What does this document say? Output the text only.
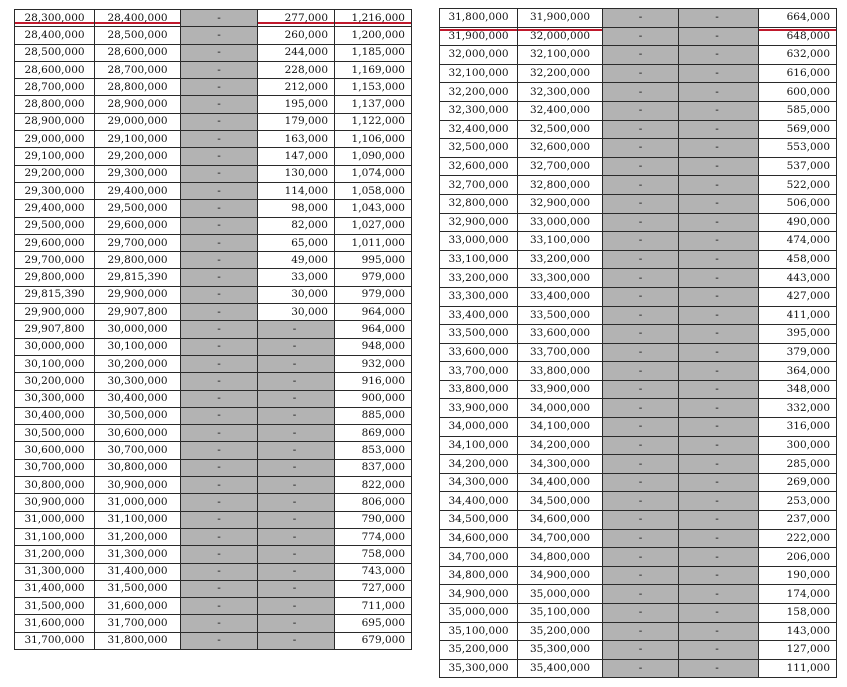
28,300,000	28,400,000	-	277,000	1,216,000
28,400,000	28,500,000	-	260,000	1,200,000
28,500,000	28,600,000	-	244,000	1,185,000
28,600,000	28,700,000	-	228,000	1,169,000
28,700,000	28,800,000	-	212,000	1,153,000
28,800,000	28,900,000	-	195,000	1,137,000
28,900,000	29,000,000	-	179,000	1,122,000
29,000,000	29,100,000	-	163,000	1,106,000
29,100,000	29,200,000	-	147,000	1,090,000
29,200,000	29,300,000	-	130,000	1,074,000
29,300,000	29,400,000	-	114,000	1,058,000
29,400,000	29,500,000	-	98,000	1,043,000
29,500,000	29,600,000	-	82,000	1,027,000
29,600,000	29,700,000	-	65,000	1,011,000
29,700,000	29,800,000	-	49,000	995,000
29,800,000	29,815,390	-	33,000	979,000
29,815,390	29,900,000	-	30,000	979,000
29,900,000	29,907,800	-	30,000	964,000
29,907,800	30,000,000	-	-	964,000
30,000,000	30,100,000	-	-	948,000
30,100,000	30,200,000	-	-	932,000
30,200,000	30,300,000	-	-	916,000
30,300,000	30,400,000	-	-	900,000
30,400,000	30,500,000	-	-	885,000
30,500,000	30,600,000	-	-	869,000
30,600,000	30,700,000	-	-	853,000
30,700,000	30,800,000	-	-	837,000
30,800,000	30,900,000	-	-	822,000
30,900,000	31,000,000	-	-	806,000
31,000,000	31,100,000	-	-	790,000
31,100,000	31,200,000	-	-	774,000
31,200,000	31,300,000	-	-	758,000
31,300,000	31,400,000	-	-	743,000
31,400,000	31,500,000	-	-	727,000
31,500,000	31,600,000	-	-	711,000
31,600,000	31,700,000	-	-	695,000
31,700,000	31,800,000	-	-	679,000
31,800,000	31,900,000	-	-	664,000
31,900,000	32,000,000	-	-	648,000
32,000,000	32,100,000	-	-	632,000
32,100,000	32,200,000	-	-	616,000
32,200,000	32,300,000	-	-	600,000
32,300,000	32,400,000	-	-	585,000
32,400,000	32,500,000	-	-	569,000
32,500,000	32,600,000	-	-	553,000
32,600,000	32,700,000	-	-	537,000
32,700,000	32,800,000	-	-	522,000
32,800,000	32,900,000	-	-	506,000
32,900,000	33,000,000	-	-	490,000
33,000,000	33,100,000	-	-	474,000
33,100,000	33,200,000	-	-	458,000
33,200,000	33,300,000	-	-	443,000
33,300,000	33,400,000	-	-	427,000
33,400,000	33,500,000	-	-	411,000
33,500,000	33,600,000	-	-	395,000
33,600,000	33,700,000	-	-	379,000
33,700,000	33,800,000	-	-	364,000
33,800,000	33,900,000	-	-	348,000
33,900,000	34,000,000	-	-	332,000
34,000,000	34,100,000	-	-	316,000
34,100,000	34,200,000	-	-	300,000
34,200,000	34,300,000	-	-	285,000
34,300,000	34,400,000	-	-	269,000
34,400,000	34,500,000	-	-	253,000
34,500,000	34,600,000	-	-	237,000
34,600,000	34,700,000	-	-	222,000
34,700,000	34,800,000	-	-	206,000
34,800,000	34,900,000	-	-	190,000
34,900,000	35,000,000	-	-	174,000
35,000,000	35,100,000	-	-	158,000
35,100,000	35,200,000	-	-	143,000
35,200,000	35,300,000	-	-	127,000
35,300,000	35,400,000	-	-	111,000
